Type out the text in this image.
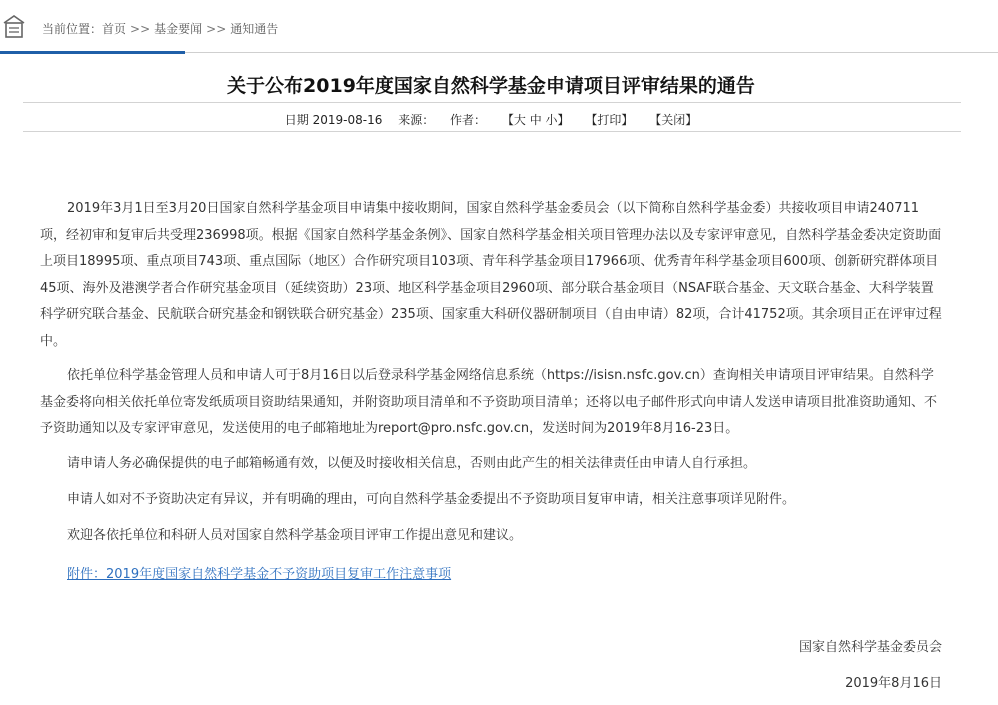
当前位置：首页 >> 基金要闻 >> 通知通告
关于公布2019年度国家自然科学基金申请项目评审结果的通告
日期 2019-08-16 来源： 作者： 【大 中 小】 【打印】 【关闭】

2019年3月1日至3月20日国家自然科学基金项目申请集中接收期间，国家自然科学基金委员会（以下简称自然科学基金委）共接收项目申请240711项，经初审和复审后共受理236998项。根据《国家自然科学基金条例》、国家自然科学基金相关项目管理办法以及专家评审意见，自然科学基金委决定资助面上项目18995项、重点项目743项、重点国际（地区）合作研究项目103项、青年科学基金项目17966项、优秀青年科学基金项目600项、创新研究群体项目45项、海外及港澳学者合作研究基金项目（延续资助）23项、地区科学基金项目2960项、部分联合基金项目（NSAF联合基金、天文联合基金、大科学装置科学研究联合基金、民航联合研究基金和钢铁联合研究基金）235项、国家重大科研仪器研制项目（自由申请）82项，合计41752项。其余项目正在评审过程中。

依托单位科学基金管理人员和申请人可于8月16日以后登录科学基金网络信息系统（https://isisn.nsfc.gov.cn）查询相关申请项目评审结果。自然科学基金委将向相关依托单位寄发纸质项目资助结果通知，并附资助项目清单和不予资助项目清单；还将以电子邮件形式向申请人发送申请项目批准资助通知、不予资助通知以及专家评审意见，发送使用的电子邮箱地址为report@pro.nsfc.gov.cn，发送时间为2019年8月16-23日。

请申请人务必确保提供的电子邮箱畅通有效，以便及时接收相关信息，否则由此产生的相关法律责任由申请人自行承担。

申请人如对不予资助决定有异议，并有明确的理由，可向自然科学基金委提出不予资助项目复审申请，相关注意事项详见附件。

欢迎各依托单位和科研人员对国家自然科学基金项目评审工作提出意见和建议。

附件：2019年度国家自然科学基金不予资助项目复审工作注意事项
国家自然科学基金委员会
2019年8月16日
